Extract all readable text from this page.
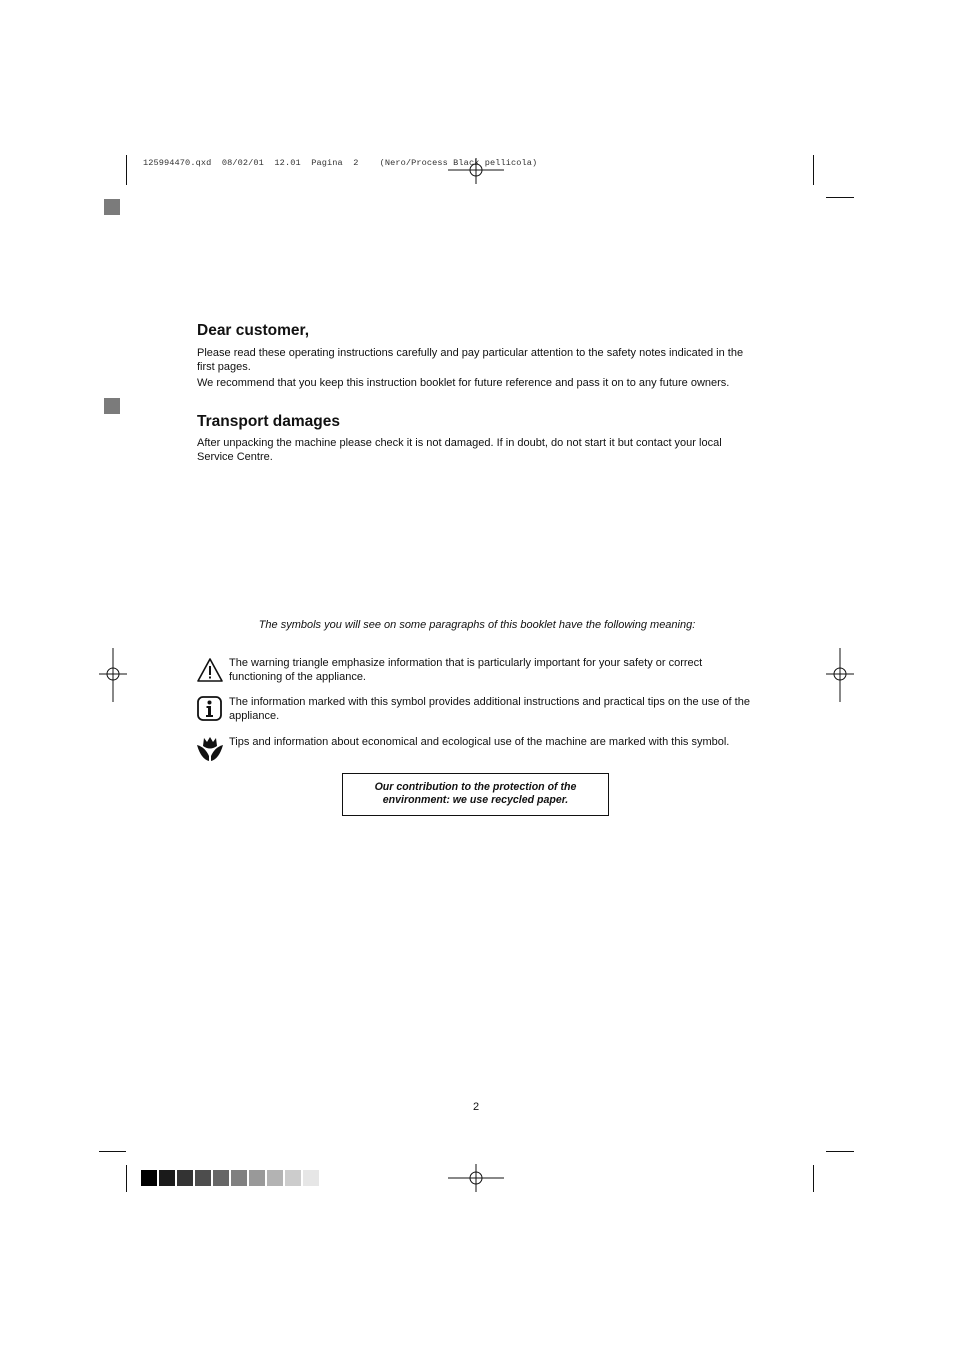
125994470.qxd  08/02/01  12.01  Pagina  2    (Nero/Process Black pellicola)
Dear customer,

Please read these operating instructions carefully and pay particular attention to the safety notes indicated in the first pages.

We recommend that you keep this instruction booklet for future reference and pass it on to any future owners.

Transport damages

After unpacking the machine please check it is not damaged. If in doubt, do not start it but contact your local Service Centre.

The symbols you will see on some paragraphs of this booklet have the following meaning:
The warning triangle emphasize information that is particularly important for your safety or correct functioning of the appliance.
The information marked with this symbol provides additional instructions and practical tips on the use of the appliance.
Tips and information about economical and ecological use of the machine are marked with this symbol.
Our contribution to the protection of the
environment: we use recycled paper.
2
